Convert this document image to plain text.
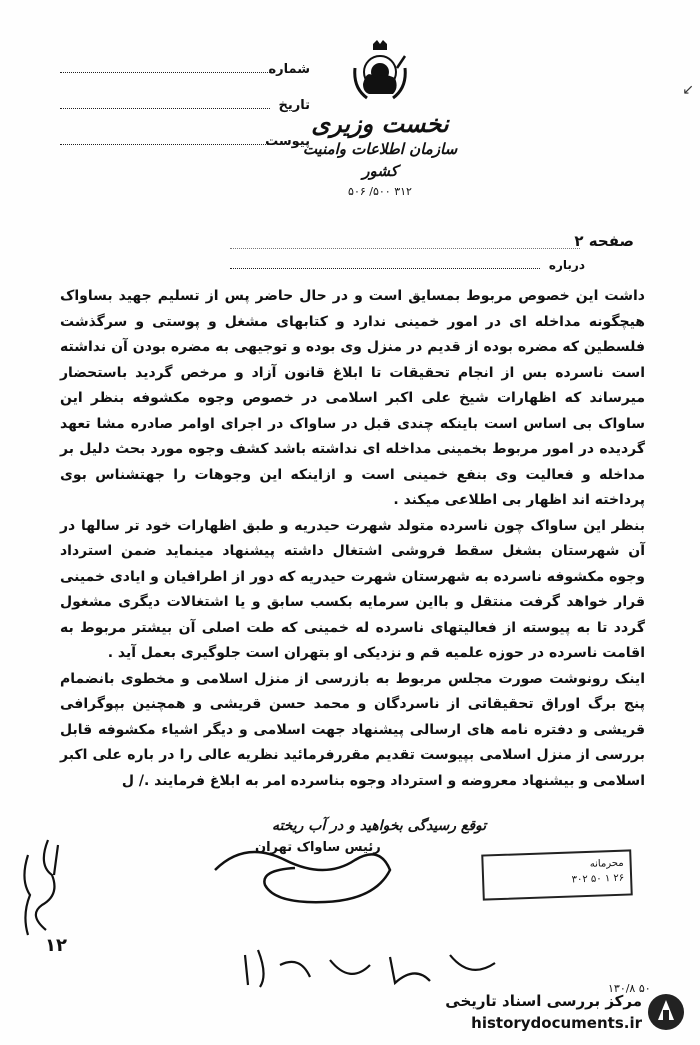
شماره
تاریخ
پیوست
نخست وزیری
سازمان اطلاعات وامنیت کشور
۳۱۲ ۵۰۰/ ۵۰۶
↙
صفحه ۲
درباره

داشت این خصوص مربوط بمسایق است و در حال حاضر پس از تسلیم جهید بساواک هیچگونه مداخله ای در امور خمینی ندارد و کتابهای مشغل و پوستی و سرگذشت فلسطین که مضره بوده از قدیم در منزل وی بوده و توجیهی به مضره بودن آن نداشته است ناسرده بس از انجام تحقیقات تا ابلاغ قانون آزاد و مرخص گردید باستحضار میرساند که اظهارات شیخ علی اکبر اسلامی در خصوص وجوه مکشوفه بنظر این ساواک بی اساس است باینکه چندی قبل در ساواک در اجرای اوامر صادره مشا تعهد گردیده در امور مربوط بخمینی مداخله ای نداشته باشد کشف وجوه مورد بحث دلیل بر مداخله و فعالیت وی بنفع خمینی است و ازاینکه این وجوهات را جهتشناس بوی پرداخته اند اظهار بی اطلاعی میکند .

بنظر این ساواک چون ناسرده متولد شهرت حیدریه و طبق اظهارات خود تر سالها در آن شهرستان بشغل سقط فروشی اشتغال داشته پیشنهاد مینماید ضمن استرداد وجوه مکشوفه ناسرده به شهرستان شهرت حیدریه که دور از اطرافیان و ایادی خمینی قرار خواهد گرفت منتقل و بااین سرمایه بکسب سابق و یا اشتغالات دیگری مشغول گردد تا به پیوسته از فعالیتهای ناسرده له خمینی که طت اصلی آن بیشتر مربوط به اقامت ناسرده در حوزه علمیه قم و نزدیکی او بتهران است جلوگیری بعمل آید .

اینک رونوشت صورت مجلس مربوط به بازرسی از منزل اسلامی و مخطوی بانضمام پنج برگ اوراق تحقیقاتی از ناسردگان و محمد حسن قریشی و همچنین بپوگرافی قریشی و دفتره نامه های ارسالی پیشنهاد جهت اسلامی و دیگر اشیاء مکشوفه قابل بررسی از منزل اسلامی بپیوست تقدیم مقررفرمائید نظریه عالی را در باره علی اکبر اسلامی و بیشنهاد معروضه و استرداد وجوه بناسرده امر به ابلاغ فرمایند ./ ل

توقع رسیدگی بخواهید و در آب ریخته
رئیس ساواک تهران
محرمانه
۲۶ ۱ ۵۰ ۳۰۲
۱۲
۱۳۰/۸ ۵۰
مرکز بررسی اسناد تاریخی
historydocuments.ir
